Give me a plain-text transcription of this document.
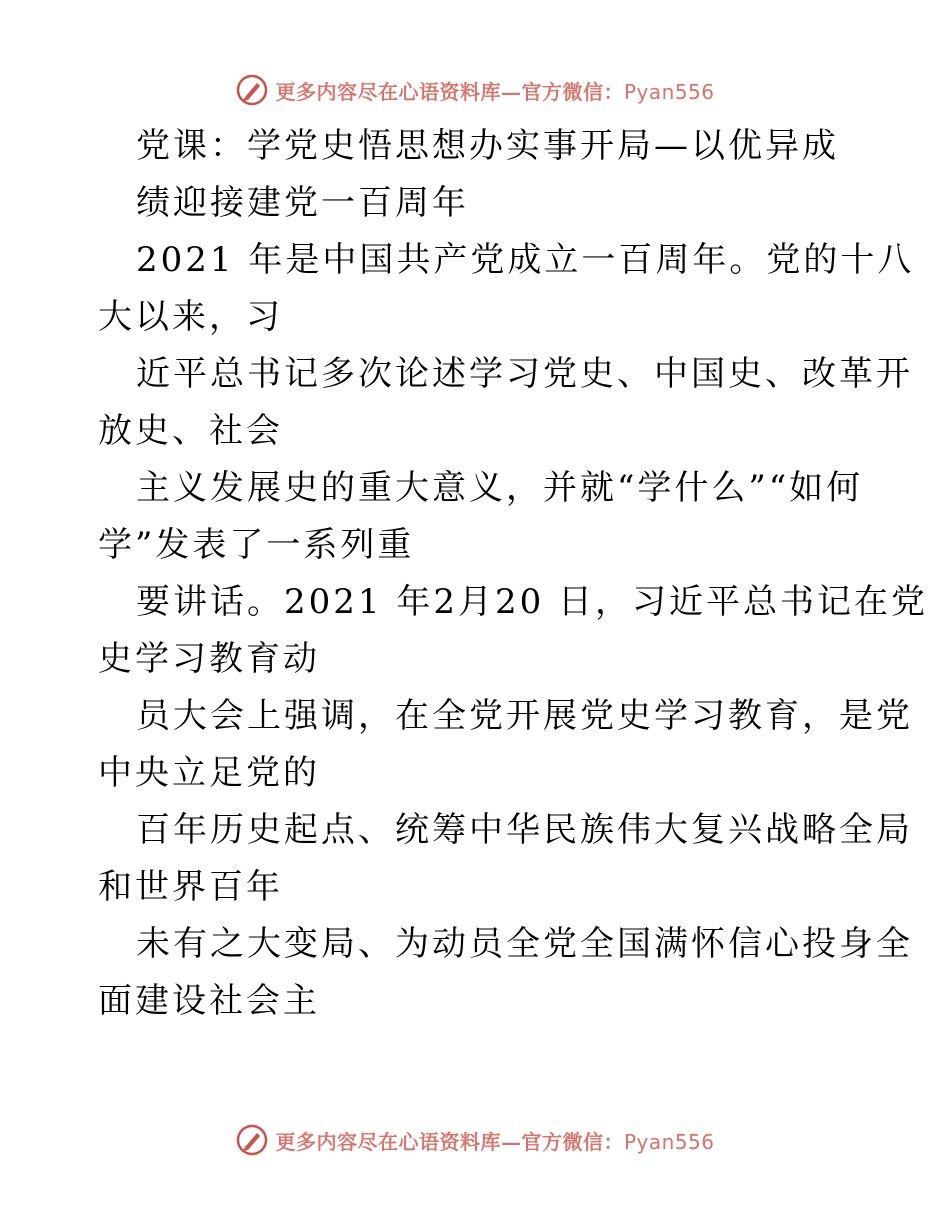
更多内容尽在心语资料库—官方微信：Pyan556
党课：学党史悟思想办实事开局—以优异成
绩迎接建党一百周年
2021 年是中国共产党成立一百周年。党的十八
大以来，习
近平总书记多次论述学习党史、中国史、改革开
放史、社会
主义发展史的重大意义，并就“学什么”“如何
学”发表了一系列重
要讲话。2021 年2月20 日，习近平总书记在党
史学习教育动
员大会上强调，在全党开展党史学习教育，是党
中央立足党的
百年历史起点、统筹中华民族伟大复兴战略全局
和世界百年
未有之大变局、为动员全党全国满怀信心投身全
面建设社会主
更多内容尽在心语资料库—官方微信：Pyan556
